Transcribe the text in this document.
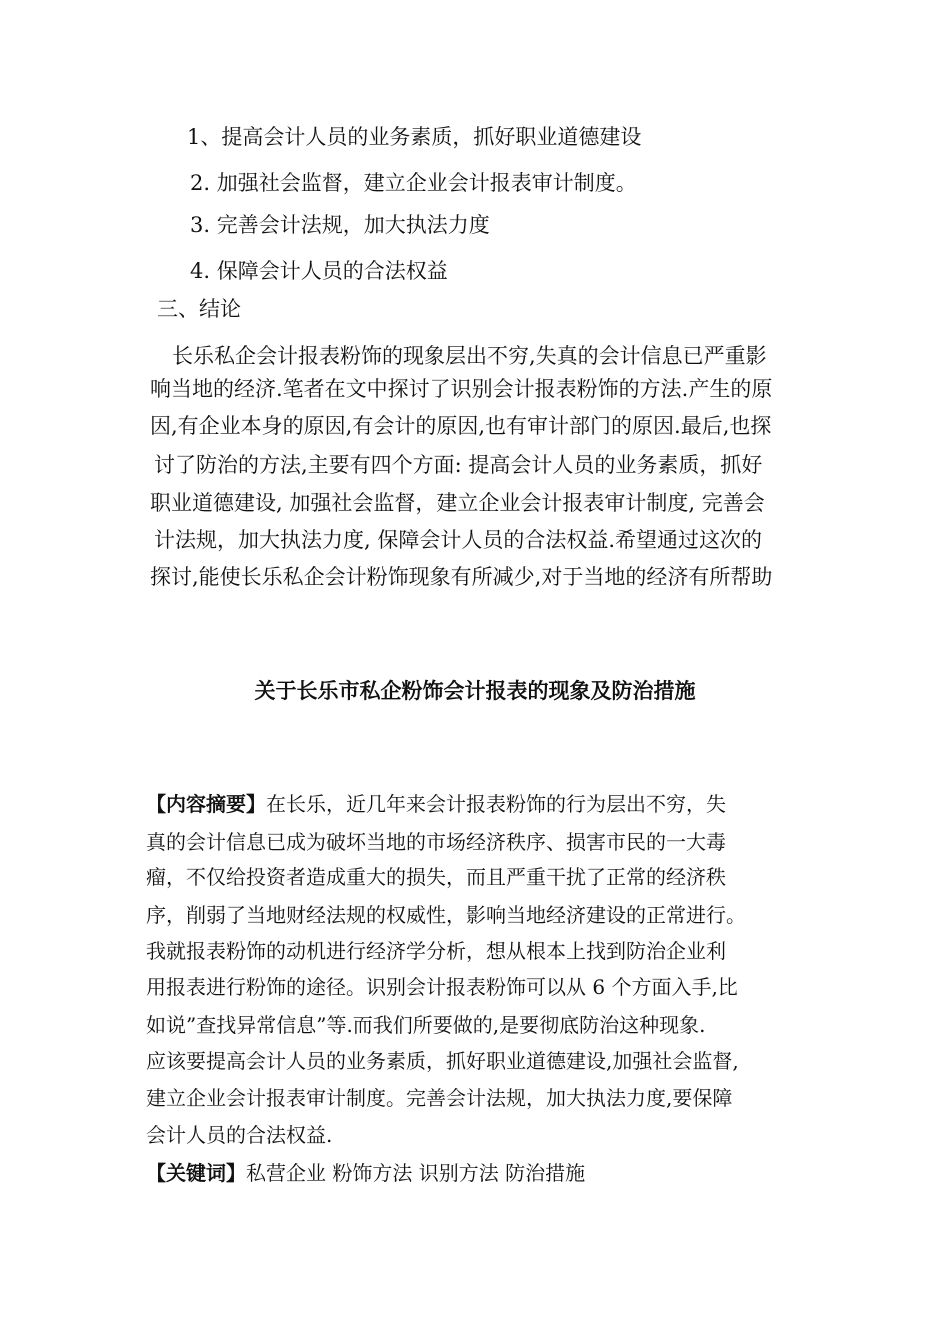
1、提高会计人员的业务素质，抓好职业道德建设
2. 加强社会监督，建立企业会计报表审计制度。
3. 完善会计法规，加大执法力度
4. 保障会计人员的合法权益
三、结论
长乐私企会计报表粉饰的现象层出不穷,失真的会计信息已严重影
响当地的经济.笔者在文中探讨了识别会计报表粉饰的方法.产生的原
因,有企业本身的原因,有会计的原因,也有审计部门的原因.最后,也探
讨了防治的方法,主要有四个方面: 提高会计人员的业务素质，抓好
职业道德建设, 加强社会监督，建立企业会计报表审计制度, 完善会
计法规，加大执法力度, 保障会计人员的合法权益.希望通过这次的
探讨,能使长乐私企会计粉饰现象有所减少,对于当地的经济有所帮助
关于长乐市私企粉饰会计报表的现象及防治措施
【内容摘要】在长乐，近几年来会计报表粉饰的行为层出不穷，失
真的会计信息已成为破坏当地的市场经济秩序、损害市民的一大毒
瘤，不仅给投资者造成重大的损失，而且严重干扰了正常的经济秩
序，削弱了当地财经法规的权威性，影响当地经济建设的正常进行。
我就报表粉饰的动机进行经济学分析，想从根本上找到防治企业利
用报表进行粉饰的途径。识别会计报表粉饰可以从 6 个方面入手,比
如说”查找异常信息”等.而我们所要做的,是要彻底防治这种现象.
应该要提高会计人员的业务素质，抓好职业道德建设,加强社会监督,
建立企业会计报表审计制度。完善会计法规，加大执法力度,要保障
会计人员的合法权益.
【关键词】私营企业 粉饰方法 识别方法 防治措施
